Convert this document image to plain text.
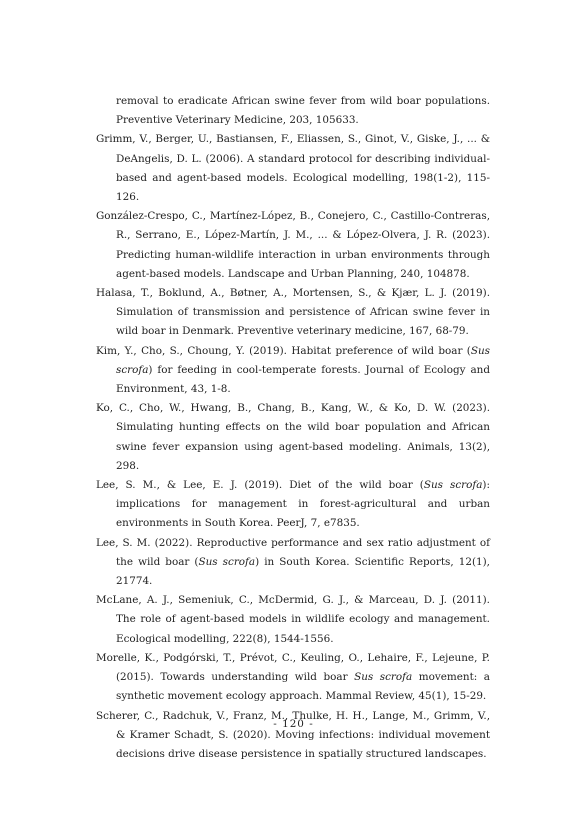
removal to eradicate African swine fever from wild boar populations. Preventive Veterinary Medicine, 203, 105633.
Grimm, V., Berger, U., Bastiansen, F., Eliassen, S., Ginot, V., Giske, J., ... & DeAngelis, D. L. (2006). A standard protocol for describing individual-based and agent-based models. Ecological modelling, 198(1-2), 115-126.
González-Crespo, C., Martínez-López, B., Conejero, C., Castillo-Contreras, R., Serrano, E., López-Martín, J. M., ... & López-Olvera, J. R. (2023). Predicting human-wildlife interaction in urban environments through agent-based models. Landscape and Urban Planning, 240, 104878.
Halasa, T., Boklund, A., Bøtner, A., Mortensen, S., & Kjær, L. J. (2019). Simulation of transmission and persistence of African swine fever in wild boar in Denmark. Preventive veterinary medicine, 167, 68-79.
Kim, Y., Cho, S., Choung, Y. (2019). Habitat preference of wild boar (Sus scrofa) for feeding in cool-temperate forests. Journal of Ecology and Environment, 43, 1-8.
Ko, C., Cho, W., Hwang, B., Chang, B., Kang, W., & Ko, D. W. (2023). Simulating hunting effects on the wild boar population and African swine fever expansion using agent-based modeling. Animals, 13(2), 298.
Lee, S. M., & Lee, E. J. (2019). Diet of the wild boar (Sus scrofa): implications for management in forest-agricultural and urban environments in South Korea. PeerJ, 7, e7835.
Lee, S. M. (2022). Reproductive performance and sex ratio adjustment of the wild boar (Sus scrofa) in South Korea. Scientific Reports, 12(1), 21774.
McLane, A. J., Semeniuk, C., McDermid, G. J., & Marceau, D. J. (2011). The role of agent-based models in wildlife ecology and management. Ecological modelling, 222(8), 1544-1556.
Morelle, K., Podgórski, T., Prévot, C., Keuling, O., Lehaire, F., Lejeune, P. (2015). Towards understanding wild boar Sus scrofa movement: a synthetic movement ecology approach. Mammal Review, 45(1), 15-29.
Scherer, C., Radchuk, V., Franz, M., Thulke, H. H., Lange, M., Grimm, V., & Kramer Schadt, S. (2020). Moving infections: individual movement decisions drive disease persistence in spatially structured landscapes.
- 120 -
